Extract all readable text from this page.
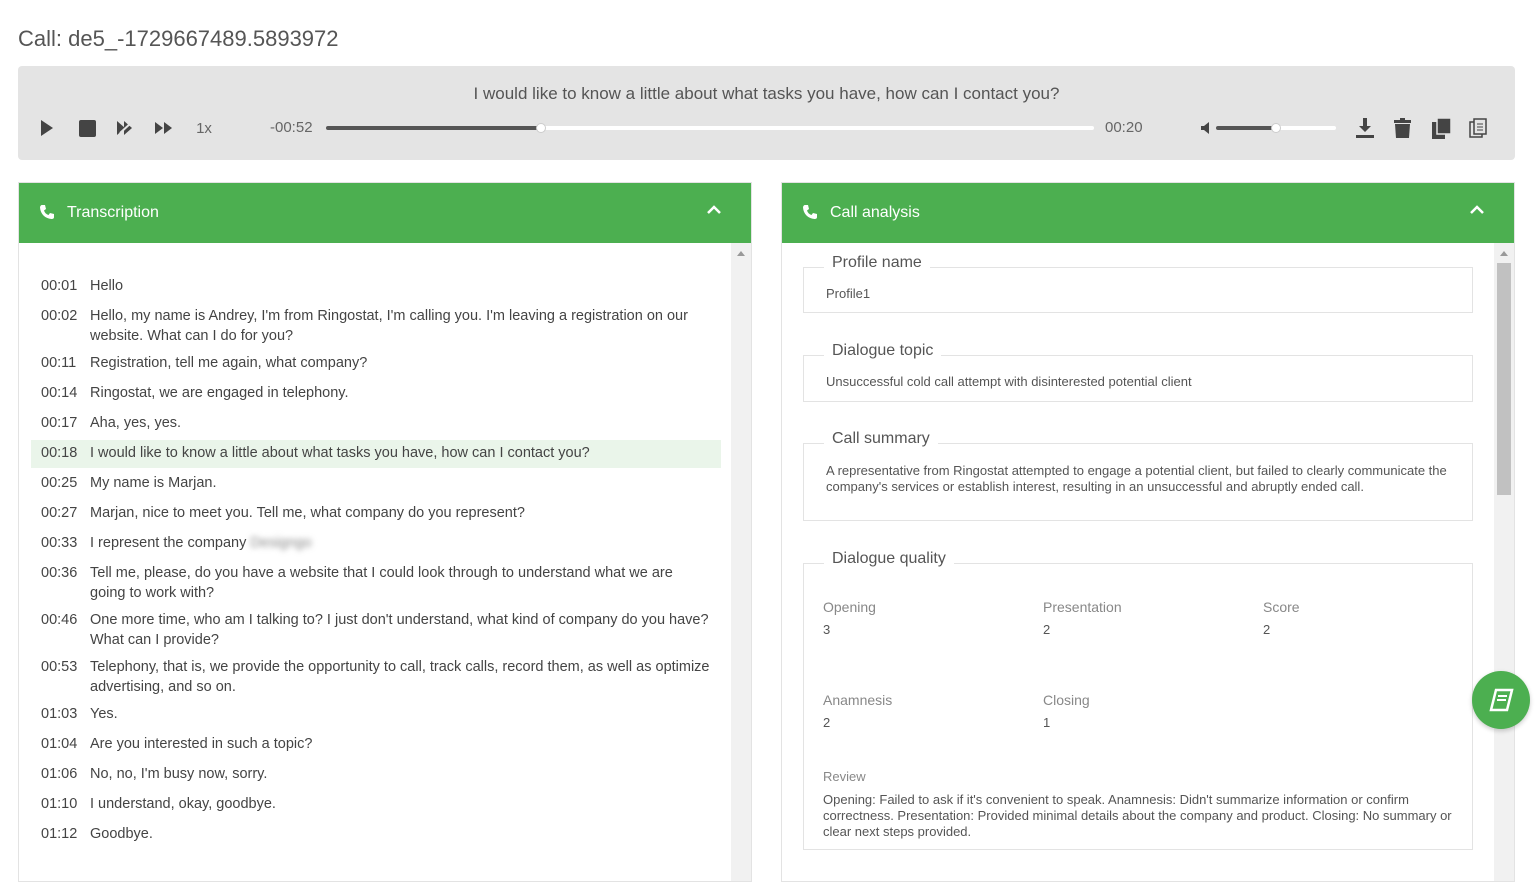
Call: de5_-1729667489.5893972
I would like to know a little about what tasks you have, how can I contact you?
1x	-00:52	00:20
Transcription
00:01 Hello
00:02 Hello, my name is Andrey, I'm from Ringostat, I'm calling you. I'm leaving a registration on our website. What can I do for you?
00:11 Registration, tell me again, what company?
00:14 Ringostat, we are engaged in telephony.
00:17 Aha, yes, yes.
00:18 I would like to know a little about what tasks you have, how can I contact you?
00:25 My name is Marjan.
00:27 Marjan, nice to meet you. Tell me, what company do you represent?
00:33 I represent the company Designgo
00:36 Tell me, please, do you have a website that I could look through to understand what we are going to work with?
00:46 One more time, who am I talking to? I just don't understand, what kind of company do you have? What can I provide?
00:53 Telephony, that is, we provide the opportunity to call, track calls, record them, as well as optimize advertising, and so on.
01:03 Yes.
01:04 Are you interested in such a topic?
01:06 No, no, I'm busy now, sorry.
01:10 I understand, okay, goodbye.
01:12 Goodbye.
Call analysis
Profile name
Profile1
Dialogue topic
Unsuccessful cold call attempt with disinterested potential client
Call summary
A representative from Ringostat attempted to engage a potential client, but failed to clearly communicate the company's services or establish interest, resulting in an unsuccessful and abruptly ended call.
Dialogue quality
Opening
3
Presentation
2
Score
2
Anamnesis
2
Closing
1
Review
Opening: Failed to ask if it's convenient to speak. Anamnesis: Didn't summarize information or confirm correctness. Presentation: Provided minimal details about the company and product. Closing: No summary or clear next steps provided.
